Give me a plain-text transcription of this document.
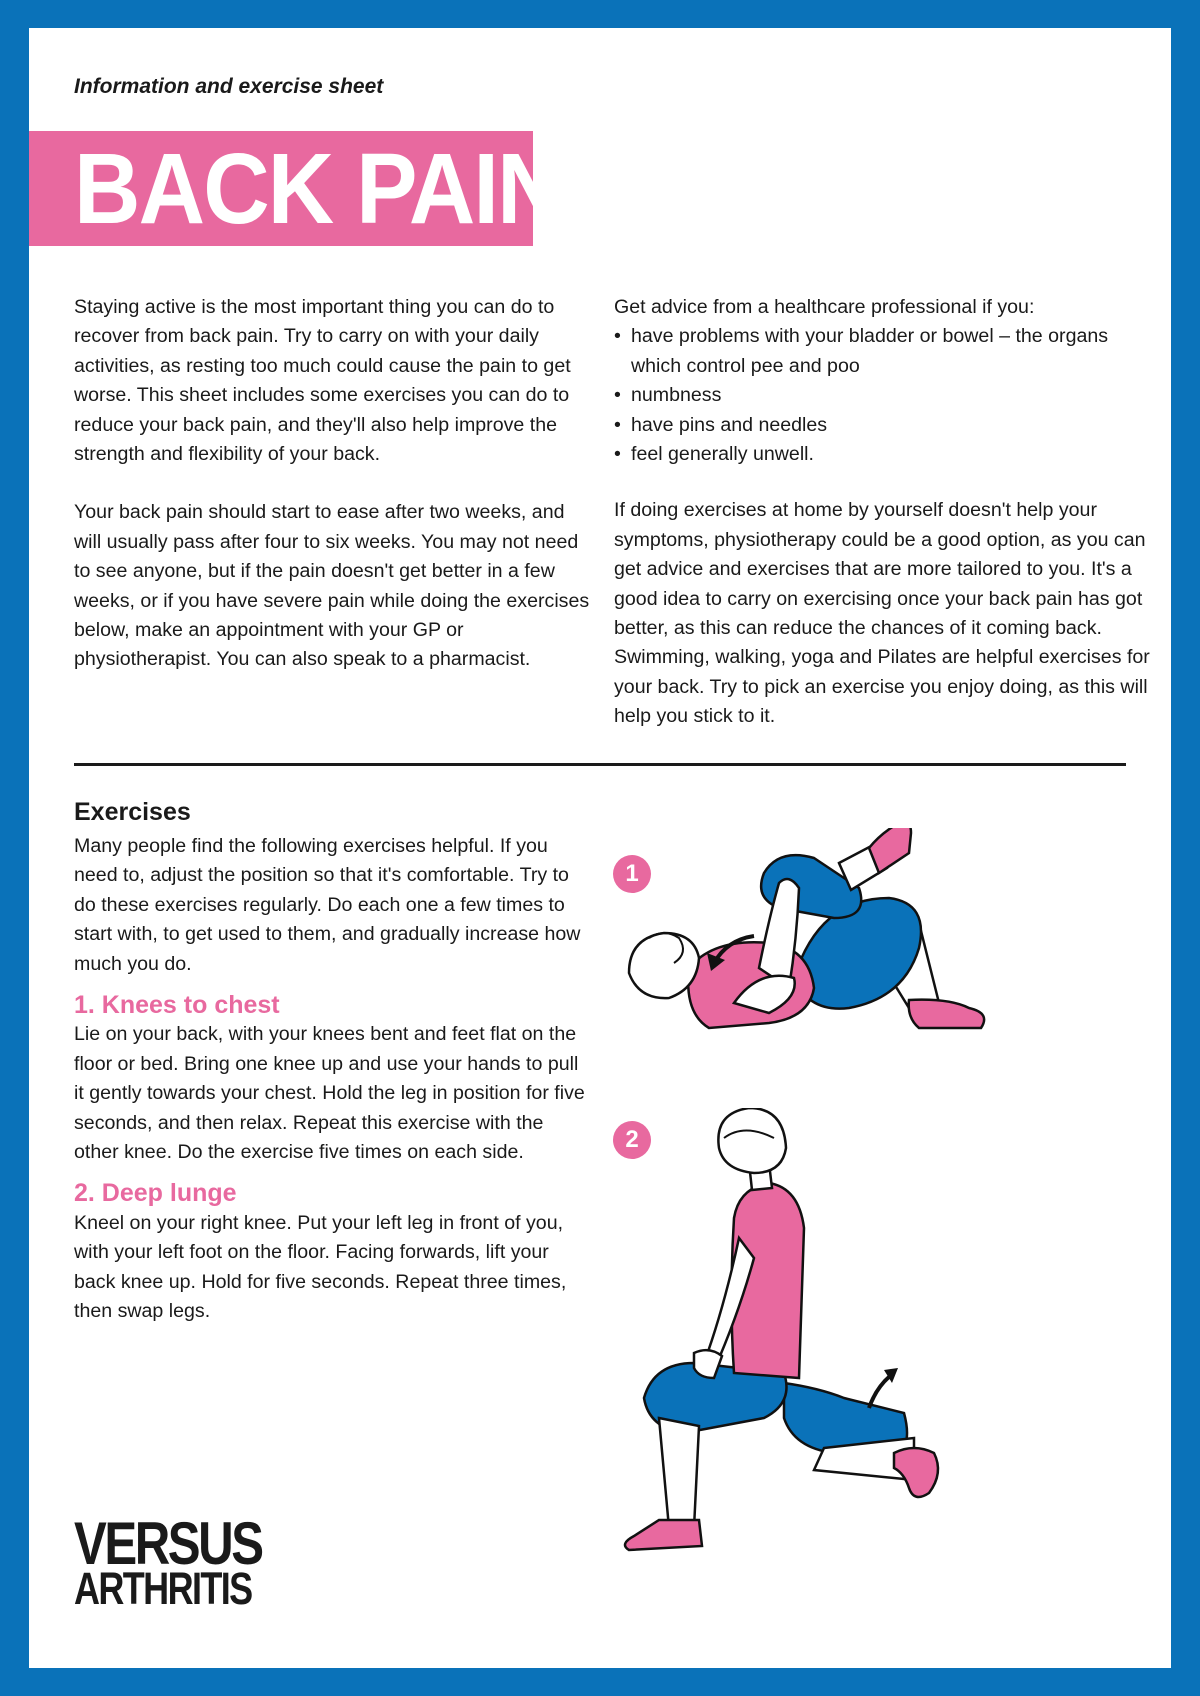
Information and exercise sheet
BACK PAIN

Staying active is the most important thing you can do to recover from back pain. Try to carry on with your daily activities, as resting too much could cause the pain to get worse. This sheet includes some exercises you can do to reduce your back pain, and they'll also help improve the strength and flexibility of your back.

Your back pain should start to ease after two weeks, and will usually pass after four to six weeks. You may not need to see anyone, but if the pain doesn't get better in a few weeks, or if you have severe pain while doing the exercises below, make an appointment with your GP or physiotherapist. You can also speak to a pharmacist.

Get advice from a healthcare professional if you:

• have problems with your bladder or bowel – the organs which control pee and poo
• numbness
• have pins and needles
• feel generally unwell.

If doing exercises at home by yourself doesn't help your symptoms, physiotherapy could be a good option, as you can get advice and exercises that are more tailored to you. It's a good idea to carry on exercising once your back pain has got better, as this can reduce the chances of it coming back. Swimming, walking, yoga and Pilates are helpful exercises for your back. Try to pick an exercise you enjoy doing, as this will help you stick to it.

Exercises

Many people find the following exercises helpful. If you need to, adjust the position so that it's comfortable. Try to do these exercises regularly. Do each one a few times to start with, to get used to them, and gradually increase how much you do.

1. Knees to chest

Lie on your back, with your knees bent and feet flat on the floor or bed. Bring one knee up and use your hands to pull it gently towards your chest. Hold the leg in position for five seconds, and then relax. Repeat this exercise with the other knee. Do the exercise five times on each side.

2. Deep lunge

Kneel on your right knee. Put your left leg in front of you, with your left foot on the floor. Facing forwards, lift your back knee up. Hold for five seconds. Repeat three times, then swap legs.

1
2
VERSUS
ARTHRITIS
